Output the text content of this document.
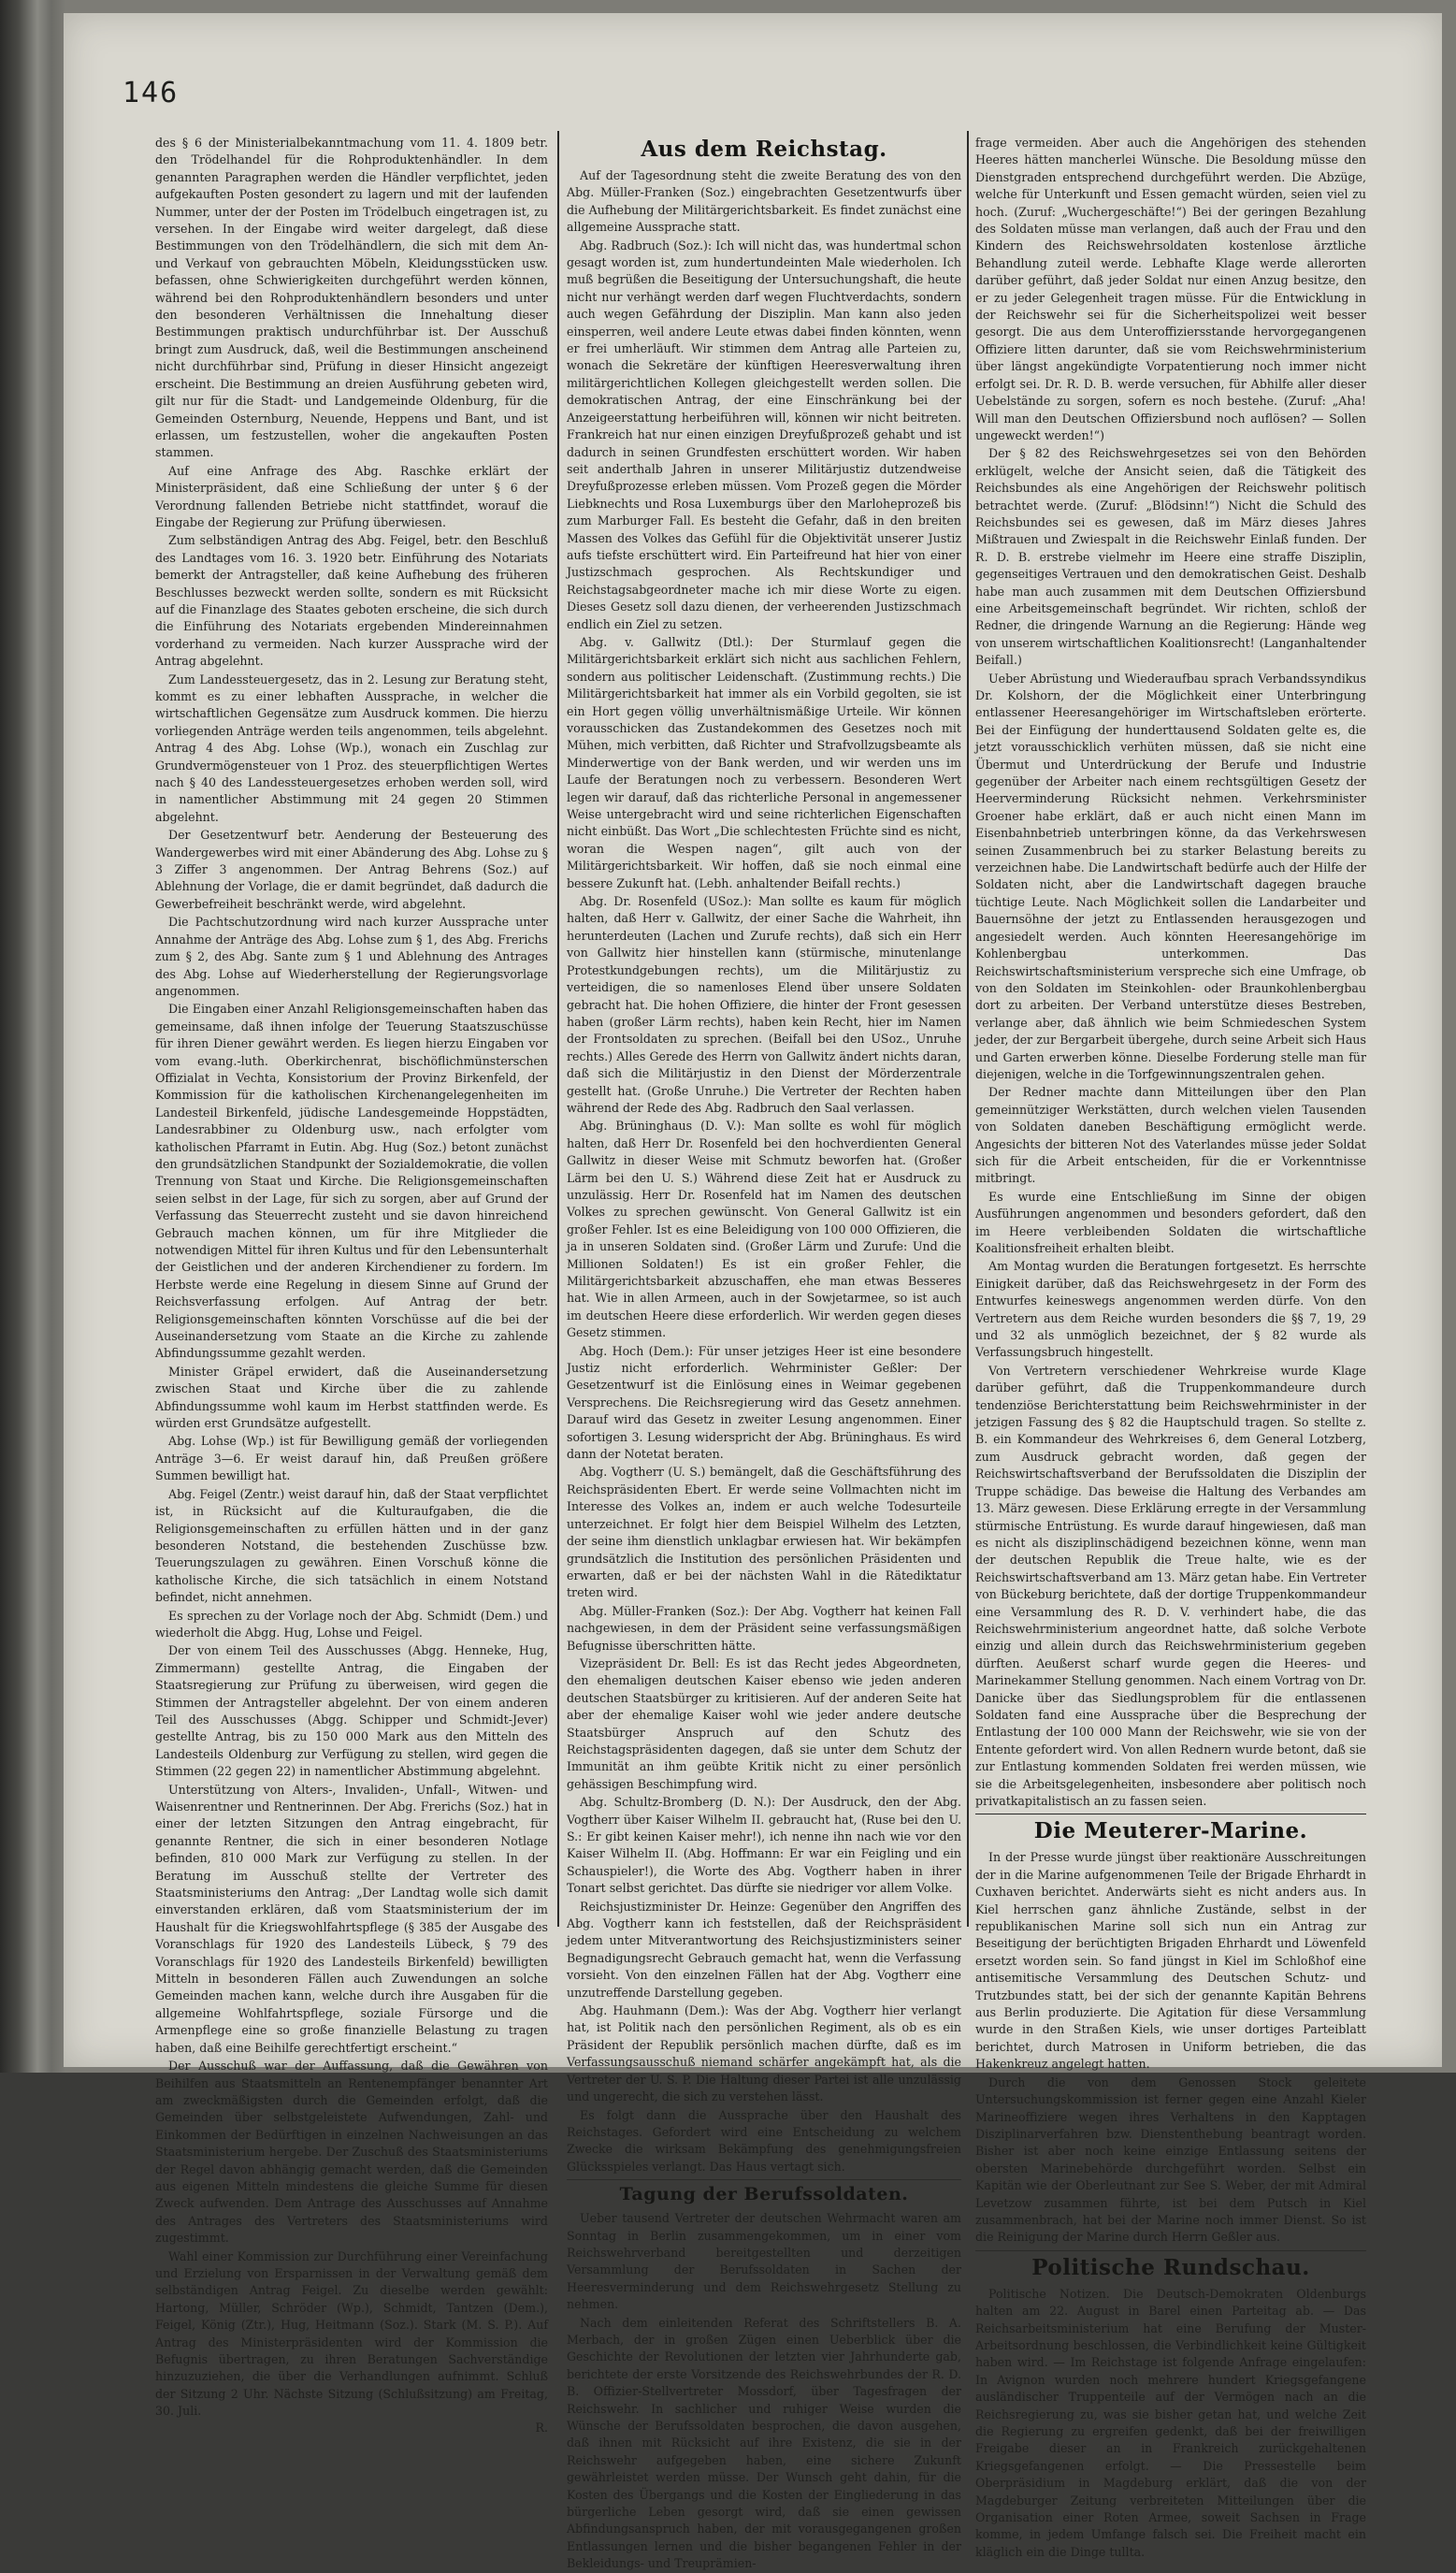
146

des § 6 der Ministerialbekanntmachung vom 11. 4. 1809 betr. den Trödelhandel für die Rohproduktenhändler. In dem genannten Paragraphen werden die Händler verpflichtet, jeden aufgekauften Posten gesondert zu lagern und mit der laufenden Nummer, unter der der Posten im Trödelbuch eingetragen ist, zu versehen. In der Eingabe wird weiter dargelegt, daß diese Bestimmungen von den Trödelhändlern, die sich mit dem An- und Verkauf von gebrauchten Möbeln, Kleidungsstücken usw. befassen, ohne Schwierigkeiten durchgeführt werden können, während bei den Rohproduktenhändlern besonders und unter den besonderen Verhältnissen die Innehaltung dieser Bestimmungen praktisch undurchführbar ist. Der Ausschuß bringt zum Ausdruck, daß, weil die Bestimmungen anscheinend nicht durchführbar sind, Prüfung in dieser Hinsicht angezeigt erscheint. Die Bestimmung an dreien Ausführung gebeten wird, gilt nur für die Stadt- und Landgemeinde Oldenburg, für die Gemeinden Osternburg, Neuende, Heppens und Bant, und ist erlassen, um festzustellen, woher die angekauften Posten stammen.

Auf eine Anfrage des Abg. Raschke erklärt der Ministerpräsident, daß eine Schließung der unter § 6 der Verordnung fallenden Betriebe nicht stattfindet, worauf die Eingabe der Regierung zur Prüfung überwiesen.

Zum selbständigen Antrag des Abg. Feigel, betr. den Beschluß des Landtages vom 16. 3. 1920 betr. Einführung des Notariats bemerkt der Antragsteller, daß keine Aufhebung des früheren Beschlusses bezweckt werden sollte, sondern es mit Rücksicht auf die Finanzlage des Staates geboten erscheine, die sich durch die Einführung des Notariats ergebenden Mindereinnahmen vorderhand zu vermeiden. Nach kurzer Aussprache wird der Antrag abgelehnt.

Zum Landessteuergesetz, das in 2. Lesung zur Beratung steht, kommt es zu einer lebhaften Aussprache, in welcher die wirtschaftlichen Gegensätze zum Ausdruck kommen. Die hierzu vorliegenden Anträge werden teils angenommen, teils abgelehnt. Antrag 4 des Abg. Lohse (Wp.), wonach ein Zuschlag zur Grundvermögensteuer von 1 Proz. des steuerpflichtigen Wertes nach § 40 des Landessteuergesetzes erhoben werden soll, wird in namentlicher Abstimmung mit 24 gegen 20 Stimmen abgelehnt.

Der Gesetzentwurf betr. Aenderung der Besteuerung des Wandergewerbes wird mit einer Abänderung des Abg. Lohse zu § 3 Ziffer 3 angenommen. Der Antrag Behrens (Soz.) auf Ablehnung der Vorlage, die er damit begründet, daß dadurch die Gewerbefreiheit beschränkt werde, wird abgelehnt.

Die Pachtschutzordnung wird nach kurzer Aussprache unter Annahme der Anträge des Abg. Lohse zum § 1, des Abg. Frerichs zum § 2, des Abg. Sante zum § 1 und Ablehnung des Antrages des Abg. Lohse auf Wiederherstellung der Regierungsvorlage angenommen.

Die Eingaben einer Anzahl Religionsgemeinschaften haben das gemeinsame, daß ihnen infolge der Teuerung Staatszuschüsse für ihren Diener gewährt werden. Es liegen hierzu Eingaben vor vom evang.-luth. Oberkirchenrat, bischöflichmünsterschen Offizialat in Vechta, Konsistorium der Provinz Birkenfeld, der Kommission für die katholischen Kirchenangelegenheiten im Landesteil Birkenfeld, jüdische Landesgemeinde Hoppstädten, Landesrabbiner zu Oldenburg usw., nach erfolgter vom katholischen Pfarramt in Eutin. Abg. Hug (Soz.) betont zunächst den grundsätzlichen Standpunkt der Sozialdemokratie, die vollen Trennung von Staat und Kirche. Die Religionsgemeinschaften seien selbst in der Lage, für sich zu sorgen, aber auf Grund der Verfassung das Steuerrecht zusteht und sie davon hinreichend Gebrauch machen können, um für ihre Mitglieder die notwendigen Mittel für ihren Kultus und für den Lebensunterhalt der Geistlichen und der anderen Kirchendiener zu fordern. Im Herbste werde eine Regelung in diesem Sinne auf Grund der Reichsverfassung erfolgen. Auf Antrag der betr. Religionsgemeinschaften könnten Vorschüsse auf die bei der Auseinandersetzung vom Staate an die Kirche zu zahlende Abfindungssumme gezahlt werden.

Minister Gräpel erwidert, daß die Auseinandersetzung zwischen Staat und Kirche über die zu zahlende Abfindungssumme wohl kaum im Herbst stattfinden werde. Es würden erst Grundsätze aufgestellt.

Abg. Lohse (Wp.) ist für Bewilligung gemäß der vorliegenden Anträge 3—6. Er weist darauf hin, daß Preußen größere Summen bewilligt hat.

Abg. Feigel (Zentr.) weist darauf hin, daß der Staat verpflichtet ist, in Rücksicht auf die Kulturaufgaben, die die Religionsgemeinschaften zu erfüllen hätten und in der ganz besonderen Notstand, die bestehenden Zuschüsse bzw. Teuerungszulagen zu gewähren. Einen Vorschuß könne die katholische Kirche, die sich tatsächlich in einem Notstand befindet, nicht annehmen.

Es sprechen zu der Vorlage noch der Abg. Schmidt (Dem.) und wiederholt die Abgg. Hug, Lohse und Feigel.

Der von einem Teil des Ausschusses (Abgg. Henneke, Hug, Zimmermann) gestellte Antrag, die Eingaben der Staatsregierung zur Prüfung zu überweisen, wird gegen die Stimmen der Antragsteller abgelehnt. Der von einem anderen Teil des Ausschusses (Abgg. Schipper und Schmidt-Jever) gestellte Antrag, bis zu 150 000 Mark aus den Mitteln des Landesteils Oldenburg zur Verfügung zu stellen, wird gegen die Stimmen (22 gegen 22) in namentlicher Abstimmung abgelehnt.

Unterstützung von Alters-, Invaliden-, Unfall-, Witwen- und Waisenrentner und Rentnerinnen. Der Abg. Frerichs (Soz.) hat in einer der letzten Sitzungen den Antrag eingebracht, für genannte Rentner, die sich in einer besonderen Notlage befinden, 810 000 Mark zur Verfügung zu stellen. In der Beratung im Ausschuß stellte der Vertreter des Staatsministeriums den Antrag: „Der Landtag wolle sich damit einverstanden erklären, daß vom Staatsministerium der im Haushalt für die Kriegswohlfahrtspflege (§ 385 der Ausgabe des Voranschlags für 1920 des Landesteils Lübeck, § 79 des Voranschlags für 1920 des Landesteils Birkenfeld) bewilligten Mitteln in besonderen Fällen auch Zuwendungen an solche Gemeinden machen kann, welche durch ihre Ausgaben für die allgemeine Wohlfahrtspflege, soziale Fürsorge und die Armenpflege eine so große finanzielle Belastung zu tragen haben, daß eine Beihilfe gerechtfertigt erscheint.“

Der Ausschuß war der Auffassung, daß die Gewähren von Beihilfen aus Staatsmitteln an Rentenempfänger benannter Art am zweckmäßigsten durch die Gemeinden erfolgt, daß die Gemeinden über selbstgeleistete Aufwendungen, Zahl- und Einkommen der Bedürftigen in einzelnen Nachweisungen an das Staatsministerium hergebe. Der Zuschuß des Staatsministeriums der Regel davon abhängig gemacht werden, daß die Gemeinden aus eigenen Mitteln mindestens die gleiche Summe für diesen Zweck aufwenden. Dem Antrage des Ausschusses auf Annahme des Antrages des Vertreters des Staatsministeriums wird zugestimmt.

Wahl einer Kommission zur Durchführung einer Vereinfachung und Erzielung von Ersparnissen in der Verwaltung gemäß dem selbständigen Antrag Feigel. Zu dieselbe werden gewählt: Hartong, Müller, Schröder (Wp.), Schmidt, Tantzen (Dem.), Feigel, König (Ztr.), Hug, Heitmann (Soz.). Stark (M. S. P.). Auf Antrag des Ministerpräsidenten wird der Kommission die Befugnis übertragen, zu ihren Beratungen Sachverständige hinzuzuziehen, die über die Verhandlungen aufnimmt. Schluß der Sitzung 2 Uhr. Nächste Sitzung (Schlußsitzung) am Freitag, 30. Juli.

R.
Aus dem Reichstag.

Auf der Tagesordnung steht die zweite Beratung des von den Abg. Müller-Franken (Soz.) eingebrachten Gesetzentwurfs über die Aufhebung der Militärgerichtsbarkeit. Es findet zunächst eine allgemeine Aussprache statt.

Abg. Radbruch (Soz.): Ich will nicht das, was hundertmal schon gesagt worden ist, zum hundertundeinten Male wiederholen. Ich muß begrüßen die Beseitigung der Untersuchungshaft, die heute nicht nur verhängt werden darf wegen Fluchtverdachts, sondern auch wegen Gefährdung der Disziplin. Man kann also jeden einsperren, weil andere Leute etwas dabei finden könnten, wenn er frei umherläuft. Wir stimmen dem Antrag alle Parteien zu, wonach die Sekretäre der künftigen Heeresverwaltung ihren militärgerichtlichen Kollegen gleichgestellt werden sollen. Die demokratischen Antrag, der eine Einschränkung bei der Anzeigeerstattung herbeiführen will, können wir nicht beitreten. Frankreich hat nur einen einzigen Dreyfußprozeß gehabt und ist dadurch in seinen Grundfesten erschüttert worden. Wir haben seit anderthalb Jahren in unserer Militärjustiz dutzendweise Dreyfußprozesse erleben müssen. Vom Prozeß gegen die Mörder Liebknechts und Rosa Luxemburgs über den Marloheprozeß bis zum Marburger Fall. Es besteht die Gefahr, daß in den breiten Massen des Volkes das Gefühl für die Objektivität unserer Justiz aufs tiefste erschüttert wird. Ein Parteifreund hat hier von einer Justizschmach gesprochen. Als Rechtskundiger und Reichstagsabgeordneter mache ich mir diese Worte zu eigen. Dieses Gesetz soll dazu dienen, der verheerenden Justizschmach endlich ein Ziel zu setzen.

Abg. v. Gallwitz (Dtl.): Der Sturmlauf gegen die Militärgerichtsbarkeit erklärt sich nicht aus sachlichen Fehlern, sondern aus politischer Leidenschaft. (Zustimmung rechts.) Die Militärgerichtsbarkeit hat immer als ein Vorbild gegolten, sie ist ein Hort gegen völlig unverhältnismäßige Urteile. Wir können vorausschicken das Zustandekommen des Gesetzes noch mit Mühen, mich verbitten, daß Richter und Strafvollzugsbeamte als Minderwertige von der Bank werden, und wir werden uns im Laufe der Beratungen noch zu verbessern. Besonderen Wert legen wir darauf, daß das richterliche Personal in angemessener Weise untergebracht wird und seine richterlichen Eigenschaften nicht einbüßt. Das Wort „Die schlechtesten Früchte sind es nicht, woran die Wespen nagen“, gilt auch von der Militärgerichtsbarkeit. Wir hoffen, daß sie noch einmal eine bessere Zukunft hat. (Lebh. anhaltender Beifall rechts.)

Abg. Dr. Rosenfeld (USoz.): Man sollte es kaum für möglich halten, daß Herr v. Gallwitz, der einer Sache die Wahrheit, ihn herunterdeuten (Lachen und Zurufe rechts), daß sich ein Herr von Gallwitz hier hinstellen kann (stürmische, minutenlange Protestkundgebungen rechts), um die Militärjustiz zu verteidigen, die so namenloses Elend über unsere Soldaten gebracht hat. Die hohen Offiziere, die hinter der Front gesessen haben (großer Lärm rechts), haben kein Recht, hier im Namen der Frontsoldaten zu sprechen. (Beifall bei den USoz., Unruhe rechts.) Alles Gerede des Herrn von Gallwitz ändert nichts daran, daß sich die Militärjustiz in den Dienst der Mörderzentrale gestellt hat. (Große Unruhe.) Die Vertreter der Rechten haben während der Rede des Abg. Radbruch den Saal verlassen.

Abg. Brüninghaus (D. V.): Man sollte es wohl für möglich halten, daß Herr Dr. Rosenfeld bei den hochverdienten General Gallwitz in dieser Weise mit Schmutz beworfen hat. (Großer Lärm bei den U. S.) Während diese Zeit hat er Ausdruck zu unzulässig. Herr Dr. Rosenfeld hat im Namen des deutschen Volkes zu sprechen gewünscht. Von General Gallwitz ist ein großer Fehler. Ist es eine Beleidigung von 100 000 Offizieren, die ja in unseren Soldaten sind. (Großer Lärm und Zurufe: Und die Millionen Soldaten!) Es ist ein großer Fehler, die Militärgerichtsbarkeit abzuschaffen, ehe man etwas Besseres hat. Wie in allen Armeen, auch in der Sowjetarmee, so ist auch im deutschen Heere diese erforderlich. Wir werden gegen dieses Gesetz stimmen.

Abg. Hoch (Dem.): Für unser jetziges Heer ist eine besondere Justiz nicht erforderlich. Wehrminister Geßler: Der Gesetzentwurf ist die Einlösung eines in Weimar gegebenen Versprechens. Die Reichsregierung wird das Gesetz annehmen. Darauf wird das Gesetz in zweiter Lesung angenommen. Einer sofortigen 3. Lesung widerspricht der Abg. Brüninghaus. Es wird dann der Notetat beraten.

Abg. Vogtherr (U. S.) bemängelt, daß die Geschäftsführung des Reichspräsidenten Ebert. Er werde seine Vollmachten nicht im Interesse des Volkes an, indem er auch welche Todesurteile unterzeichnet. Er folgt hier dem Beispiel Wilhelm des Letzten, der seine ihm dienstlich unklagbar erwiesen hat. Wir bekämpfen grundsätzlich die Institution des persönlichen Präsidenten und erwarten, daß er bei der nächsten Wahl in die Rätediktatur treten wird.

Abg. Müller-Franken (Soz.): Der Abg. Vogtherr hat keinen Fall nachgewiesen, in dem der Präsident seine verfassungsmäßigen Befugnisse überschritten hätte.

Vizepräsident Dr. Bell: Es ist das Recht jedes Abgeordneten, den ehemaligen deutschen Kaiser ebenso wie jeden anderen deutschen Staatsbürger zu kritisieren. Auf der anderen Seite hat aber der ehemalige Kaiser wohl wie jeder andere deutsche Staatsbürger Anspruch auf den Schutz des Reichstagspräsidenten dagegen, daß sie unter dem Schutz der Immunität an ihm geübte Kritik nicht zu einer persönlich gehässigen Beschimpfung wird.

Abg. Schultz-Bromberg (D. N.): Der Ausdruck, den der Abg. Vogtherr über Kaiser Wilhelm II. gebraucht hat, (Ruse bei den U. S.: Er gibt keinen Kaiser mehr!), ich nenne ihn nach wie vor den Kaiser Wilhelm II. (Abg. Hoffmann: Er war ein Feigling und ein Schauspieler!), die Worte des Abg. Vogtherr haben in ihrer Tonart selbst gerichtet. Das dürfte sie niedriger vor allem Volke.

Reichsjustizminister Dr. Heinze: Gegenüber den Angriffen des Abg. Vogtherr kann ich feststellen, daß der Reichspräsident jedem unter Mitverantwortung des Reichsjustizministers seiner Begnadigungsrecht Gebrauch gemacht hat, wenn die Verfassung vorsieht. Von den einzelnen Fällen hat der Abg. Vogtherr eine unzutreffende Darstellung gegeben.

Abg. Hauhmann (Dem.): Was der Abg. Vogtherr hier verlangt hat, ist Politik nach den persönlichen Regiment, als ob es ein Präsident der Republik persönlich machen dürfte, daß es im Verfassungsausschuß niemand schärfer angekämpft hat, als die Vertreter der U. S. P. Die Haltung dieser Partei ist alle unzulässig und ungerecht, die sich zu verstehen lässt.

Es folgt dann die Aussprache über den Haushalt des Reichstages. Gefordert wird eine Entscheidung zu welchem Zwecke die wirksam Bekämpfung des genehmigungsfreien Glücksspieles verlangt. Das Haus vertagt sich.

Tagung der Berufssoldaten.

Ueber tausend Vertreter der deutschen Wehrmacht waren am Sonntag in Berlin zusammengekommen, um in einer vom Reichswehrverband bereitgestellten und derzeitigen Versammlung der Berufssoldaten in Sachen der Heeresverminderung und dem Reichswehrgesetz Stellung zu nehmen.

Nach dem einleitenden Referat des Schriftstellers B. A. Merbach, der in großen Zügen einen Ueberblick über die Geschichte der Revolutionen der letzten vier Jahrhunderte gab, berichtete der erste Vorsitzende des Reichswehrbundes der R. D. B. Offizier-Stellvertreter Mossdorf, über Tagesfragen der Reichswehr. In sachlicher und ruhiger Weise wurden die Wünsche der Berufssoldaten besprochen, die davon ausgehen, daß ihnen mit Rücksicht auf ihre Existenz, die sie in der Reichswehr aufgegeben haben, eine sichere Zukunft gewährleistet werden müsse. Der Wunsch geht dahin, für die Kosten des Übergangs und die Kosten der Eingliederung in das bürgerliche Leben gesorgt wird, daß sie einen gewissen Abfindungsanspruch haben, der mit vorausgegangenen großen Entlassungen lernen und die bisher begangenen Fehler in der Bekleidungs- und Treuprämien-

frage vermeiden. Aber auch die Angehörigen des stehenden Heeres hätten mancherlei Wünsche. Die Besoldung müsse den Dienstgraden entsprechend durchgeführt werden. Die Abzüge, welche für Unterkunft und Essen gemacht würden, seien viel zu hoch. (Zuruf: „Wuchergeschäfte!“) Bei der geringen Bezahlung des Soldaten müsse man verlangen, daß auch der Frau und den Kindern des Reichswehrsoldaten kostenlose ärztliche Behandlung zuteil werde. Lebhafte Klage werde allerorten darüber geführt, daß jeder Soldat nur einen Anzug besitze, den er zu jeder Gelegenheit tragen müsse. Für die Entwicklung in der Reichswehr sei für die Sicherheitspolizei weit besser gesorgt. Die aus dem Unteroffiziersstande hervorgegangenen Offiziere litten darunter, daß sie vom Reichswehrministerium über längst angekündigte Vorpatentierung noch immer nicht erfolgt sei. Dr. R. D. B. werde versuchen, für Abhilfe aller dieser Uebelstände zu sorgen, sofern es noch bestehe. (Zuruf: „Aha! Will man den Deutschen Offiziersbund noch auflösen? — Sollen ungeweckt werden!“)

Der § 82 des Reichswehrgesetzes sei von den Behörden erklügelt, welche der Ansicht seien, daß die Tätigkeit des Reichsbundes als eine Angehörigen der Reichswehr politisch betrachtet werde. (Zuruf: „Blödsinn!“) Nicht die Schuld des Reichsbundes sei es gewesen, daß im März dieses Jahres Mißtrauen und Zwiespalt in die Reichswehr Einlaß funden. Der R. D. B. erstrebe vielmehr im Heere eine straffe Disziplin, gegenseitiges Vertrauen und den demokratischen Geist. Deshalb habe man auch zusammen mit dem Deutschen Offiziersbund eine Arbeitsgemeinschaft begründet. Wir richten, schloß der Redner, die dringende Warnung an die Regierung: Hände weg von unserem wirtschaftlichen Koalitionsrecht! (Langanhaltender Beifall.)

Ueber Abrüstung und Wiederaufbau sprach Verbandssyndikus Dr. Kolshorn, der die Möglichkeit einer Unterbringung entlassener Heeresangehöriger im Wirtschaftsleben erörterte. Bei der Einfügung der hunderttausend Soldaten gelte es, die jetzt vorausschicklich verhüten müssen, daß sie nicht eine Übermut und Unterdrückung der Berufe und Industrie gegenüber der Arbeiter nach einem rechtsgültigen Gesetz der Heerverminderung Rücksicht nehmen. Verkehrsminister Groener habe erklärt, daß er auch nicht einen Mann im Eisenbahnbetrieb unterbringen könne, da das Verkehrswesen seinen Zusammenbruch bei zu starker Belastung bereits zu verzeichnen habe. Die Landwirtschaft bedürfe auch der Hilfe der Soldaten nicht, aber die Landwirtschaft dagegen brauche tüchtige Leute. Nach Möglichkeit sollen die Landarbeiter und Bauernsöhne der jetzt zu Entlassenden herausgezogen und angesiedelt werden. Auch könnten Heeresangehörige im Kohlenbergbau unterkommen. Das Reichswirtschaftsministerium verspreche sich eine Umfrage, ob von den Soldaten im Steinkohlen- oder Braunkohlenbergbau dort zu arbeiten. Der Verband unterstütze dieses Bestreben, verlange aber, daß ähnlich wie beim Schmiedeschen System jeder, der zur Bergarbeit übergehe, durch seine Arbeit sich Haus und Garten erwerben könne. Dieselbe Forderung stelle man für diejenigen, welche in die Torfgewinnungszentralen gehen.

Der Redner machte dann Mitteilungen über den Plan gemeinnütziger Werkstätten, durch welchen vielen Tausenden von Soldaten daneben Beschäftigung ermöglicht werde. Angesichts der bitteren Not des Vaterlandes müsse jeder Soldat sich für die Arbeit entscheiden, für die er Vorkenntnisse mitbringt.

Es wurde eine Entschließung im Sinne der obigen Ausführungen angenommen und besonders gefordert, daß den im Heere verbleibenden Soldaten die wirtschaftliche Koalitionsfreiheit erhalten bleibt.

Am Montag wurden die Beratungen fortgesetzt. Es herrschte Einigkeit darüber, daß das Reichswehrgesetz in der Form des Entwurfes keineswegs angenommen werden dürfe. Von den Vertretern aus dem Reiche wurden besonders die §§ 7, 19, 29 und 32 als unmöglich bezeichnet, der § 82 wurde als Verfassungsbruch hingestellt.

Von Vertretern verschiedener Wehrkreise wurde Klage darüber geführt, daß die Truppenkommandeure durch tendenziöse Berichterstattung beim Reichswehrminister in der jetzigen Fassung des § 82 die Hauptschuld tragen. So stellte z. B. ein Kommandeur des Wehrkreises 6, dem General Lotzberg, zum Ausdruck gebracht worden, daß gegen der Reichswirtschaftsverband der Berufssoldaten die Disziplin der Truppe schädige. Das beweise die Haltung des Verbandes am 13. März gewesen. Diese Erklärung erregte in der Versammlung stürmische Entrüstung. Es wurde darauf hingewiesen, daß man es nicht als disziplinschädigend bezeichnen könne, wenn man der deutschen Republik die Treue halte, wie es der Reichswirtschaftsverband am 13. März getan habe. Ein Vertreter von Bückeburg berichtete, daß der dortige Truppenkommandeur eine Versammlung des R. D. V. verhindert habe, die das Reichswehrministerium angeordnet hatte, daß solche Verbote einzig und allein durch das Reichswehrministerium gegeben dürften. Aeußerst scharf wurde gegen die Heeres- und Marinekammer Stellung genommen. Nach einem Vortrag von Dr. Danicke über das Siedlungsproblem für die entlassenen Soldaten fand eine Aussprache über die Besprechung der Entlastung der 100 000 Mann der Reichswehr, wie sie von der Entente gefordert wird. Von allen Rednern wurde betont, daß sie zur Entlastung kommenden Soldaten frei werden müssen, wie sie die Arbeitsgelegenheiten, insbesondere aber politisch noch privatkapitalistisch an zu fassen seien.

Die Meuterer-Marine.

In der Presse wurde jüngst über reaktionäre Ausschreitungen der in die Marine aufgenommenen Teile der Brigade Ehrhardt in Cuxhaven berichtet. Anderwärts sieht es nicht anders aus. In Kiel herrschen ganz ähnliche Zustände, selbst in der republikanischen Marine soll sich nun ein Antrag zur Beseitigung der berüchtigten Brigaden Ehrhardt und Löwenfeld ersetzt worden sein. So fand jüngst in Kiel im Schloßhof eine antisemitische Versammlung des Deutschen Schutz- und Trutzbundes statt, bei der sich der genannte Kapitän Behrens aus Berlin produzierte. Die Agitation für diese Versammlung wurde in den Straßen Kiels, wie unser dortiges Parteiblatt berichtet, durch Matrosen in Uniform betrieben, die das Hakenkreuz angelegt hatten.

Durch die von dem Genossen Stock geleitete Untersuchungskommission ist ferner gegen eine Anzahl Kieler Marineoffiziere wegen ihres Verhaltens in den Kapptagen Disziplinarverfahren bzw. Dienstenthebung beantragt worden. Bisher ist aber noch keine einzige Entlassung seitens der obersten Marinebehörde durchgeführt worden. Selbst ein Kapitän wie der Oberleutnant zur See S. Weber, der mit Admiral Levetzow zusammen führte, ist bei dem Putsch in Kiel zusammenbrach, hat bei der Marine noch immer Dienst. So ist die Reinigung der Marine durch Herrn Geßler aus.

Politische Rundschau.

Politische Notizen. Die Deutsch-Demokraten Oldenburgs halten am 22. August in Barel einen Parteitag ab. — Das Reichsarbeitsministerium hat eine Berufung der Muster-Arbeitsordnung beschlossen, die Verbindlichkeit keine Gültigkeit haben wird. — Im Reichstage ist folgende Anfrage eingelaufen: In Avignon wurden noch mehrere hundert Kriegsgefangene ausländischer Truppenteile auf der Vermögen nach an die Reichsregierung zu, was sie bisher getan hat, und welche Zeit die Regierung zu ergreifen gedenkt, daß bei der freiwilligen Freigabe dieser an in Frankreich zurückgehaltenen Kriegsgefangenen erfolgt. — Die Pressestelle beim Oberpräsidium in Magdeburg erklärt, daß die von der Magdeburger Zeitung verbreiteten Mitteilungen über die Organisation einer Roten Armee, soweit Sachsen in Frage komme, in jedem Umfange falsch sei. Die Freiheit macht ein kläglich ein die Dinge tullta.
